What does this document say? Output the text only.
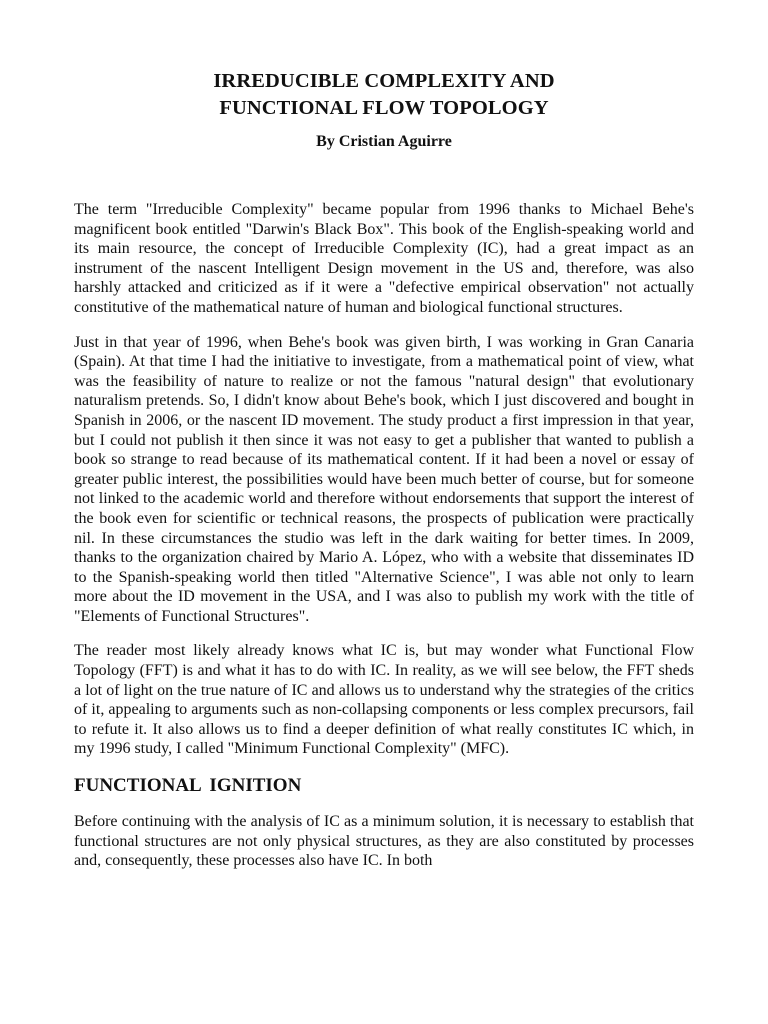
IRREDUCIBLE COMPLEXITY AND
FUNCTIONAL FLOW TOPOLOGY

By Cristian Aguirre

The term "Irreducible Complexity" became popular from 1996 thanks to Michael Behe's magnificent book entitled "Darwin's Black Box". This book of the English-speaking world and its main resource, the concept of Irreducible Complexity (IC), had a great impact as an instrument of the nascent Intelligent Design movement in the US and, therefore, was also harshly attacked and criticized as if it were a "defective empirical observation" not actually constitutive of the mathematical nature of human and biological functional structures.

Just in that year of 1996, when Behe's book was given birth, I was working in Gran Canaria (Spain). At that time I had the initiative to investigate, from a mathematical point of view, what was the feasibility of nature to realize or not the famous "natural design" that evolutionary naturalism pretends. So, I didn't know about Behe's book, which I just discovered and bought in Spanish in 2006, or the nascent ID movement. The study product a first impression in that year, but I could not publish it then since it was not easy to get a publisher that wanted to publish a book so strange to read because of its mathematical content. If it had been a novel or essay of greater public interest, the possibilities would have been much better of course, but for someone not linked to the academic world and therefore without endorsements that support the interest of the book even for scientific or technical reasons, the prospects of publication were practically nil. In these circumstances the studio was left in the dark waiting for better times. In 2009, thanks to the organization chaired by Mario A. López, who with a website that disseminates ID to the Spanish-speaking world then titled "Alternative Science", I was able not only to learn more about the ID movement in the USA, and I was also to publish my work with the title of "Elements of Functional Structures".

The reader most likely already knows what IC is, but may wonder what Functional Flow Topology (FFT) is and what it has to do with IC. In reality, as we will see below, the FFT sheds a lot of light on the true nature of IC and allows us to understand why the strategies of the critics of it, appealing to arguments such as non-collapsing components or less complex precursors, fail to refute it. It also allows us to find a deeper definition of what really constitutes IC which, in my 1996 study, I called "Minimum Functional Complexity" (MFC).

FUNCTIONAL IGNITION

Before continuing with the analysis of IC as a minimum solution, it is necessary to establish that functional structures are not only physical structures, as they are also constituted by processes and, consequently, these processes also have IC. In both
